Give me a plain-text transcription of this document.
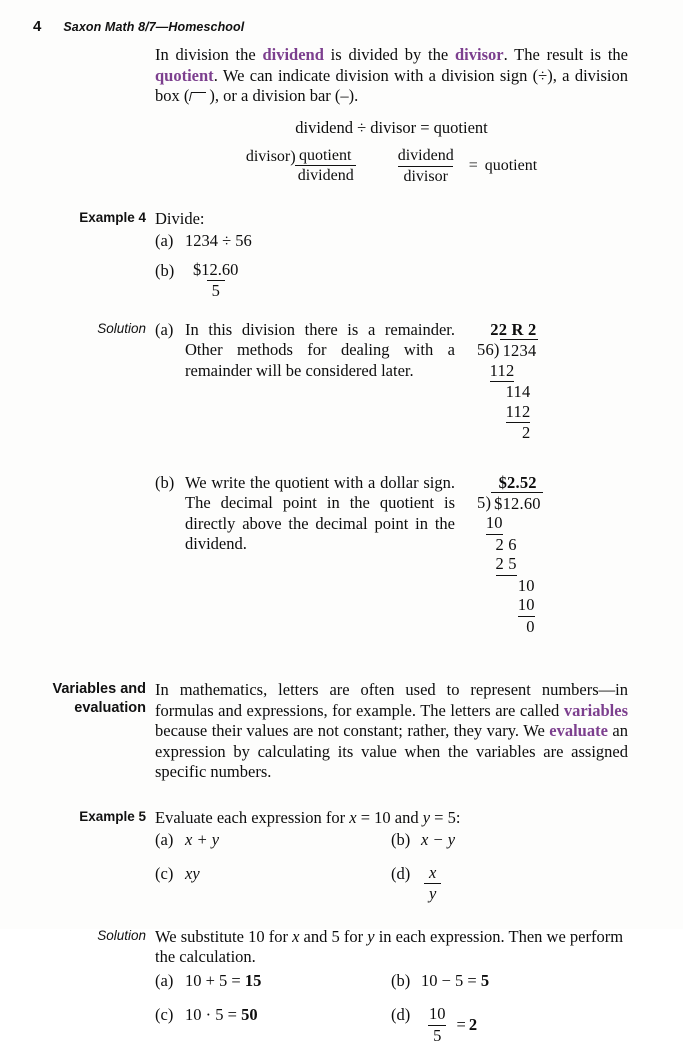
4 Saxon Math 8/7—Homeschool

In division the dividend is divided by the divisor. The result is the quotient. We can indicate division with a division sign (÷), a division box ( ), or a division bar (–).

dividend ÷ divisor = quotient
divisor ) quotient
dividend $\frac{\text{dividend}}{\text{divisor}}$ = quotient
Example 4 Divide:
(a) 1234 ÷ 56
$(b) \frac{\$12.60}{5}$
Solution (a) In this division there is a remainder. Other methods for dealing with a remainder will be considered later.

22 R 2
56 ) 1234
112
114
112
2
(b) We write the quotient with a dollar sign. The decimal point in the quotient is directly above the decimal point in the dividend.

$2.52
5 ) $12.60
10
2 6
2 5
10
10
0
Variables and
evaluation

In mathematics, letters are often used to represent numbers—in formulas and expressions, for example. The letters are called variables because their values are not constant; rather, they vary. We evaluate an expression by calculating its value when the variables are assigned specific numbers.

Example 5 Evaluate each expression for x = 10 and y = 5:
(a) x + y	(b) x − y
(c) xy	$(d) \frac{x}{y}$
Solution We substitute 10 for x and 5 for y in each expression. Then we perform the calculation.

(a) 10 + 5 = 15	(b) 10 − 5 = 5
(c) 10 · 5 = 50	$(d) \frac{10}{5} = 2$
